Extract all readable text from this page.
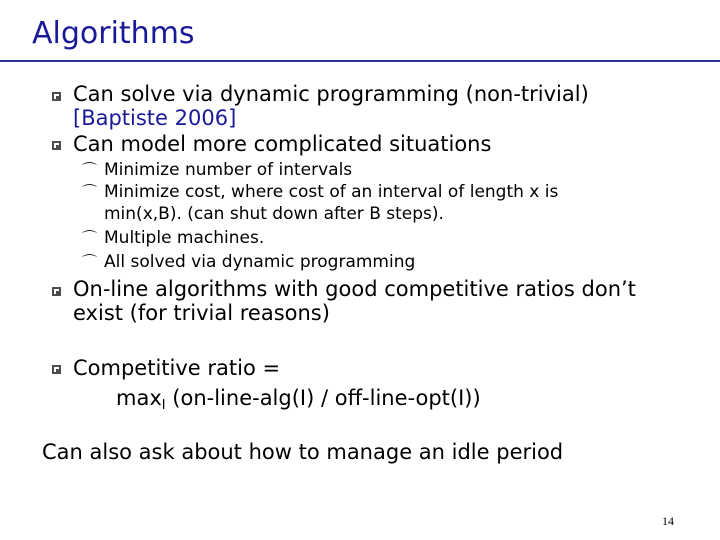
Algorithms
Can solve via dynamic programming (non-trivial)
[Baptiste 2006]
Can model more complicated situations
⌒ Minimize number of intervals
⌒ Minimize cost, where cost of an interval of length x is
min(x,B). (can shut down after B steps).
⌒ Multiple machines.
⌒ All solved via dynamic programming
On-line algorithms with good competitive ratios don’t
exist (for trivial reasons)
Competitive ratio =
$\max_I$ (on-line-alg(I) / off-line-opt(I))
Can also ask about how to manage an idle period
14
